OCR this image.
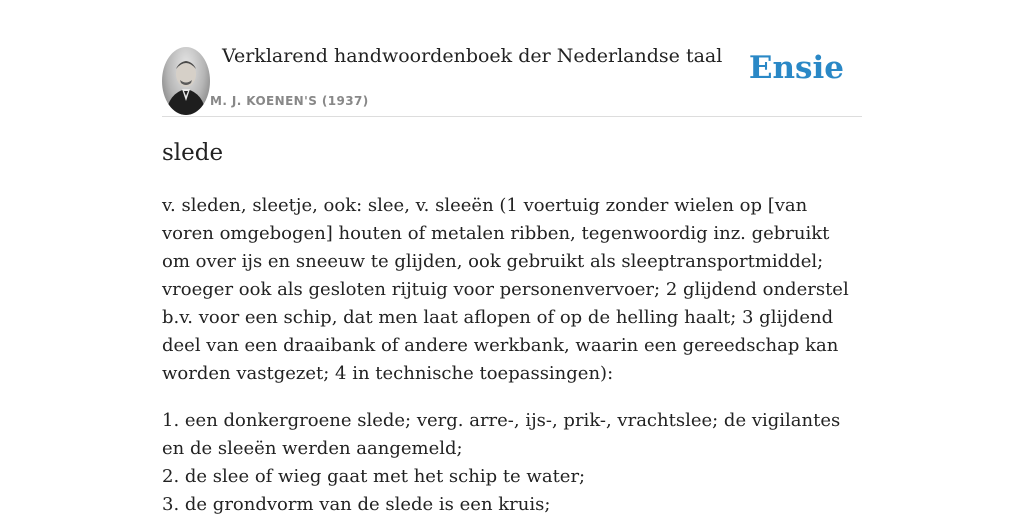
Verklarend handwoordenboek der Nederlandse taal
M. J. KOENEN'S (1937)
Ensie
slede

v. sleden, sleetje, ook: slee, v. sleeën (1 voertuig zonder wielen op [van voren omgebogen] houten of metalen ribben, tegenwoordig inz. gebruikt om over ijs en sneeuw te glijden, ook gebruikt als sleeptransportmiddel; vroeger ook als gesloten rijtuig voor personenvervoer; 2 glijdend onderstel b.v. voor een schip, dat men laat aflopen of op de helling haalt; 3 glijdend deel van een draaibank of andere werkbank, waarin een gereedschap kan worden vastgezet; 4 in technische toepassingen):

1. een donkergroene slede; verg. arre-, ijs-, prik-, vrachtslee; de vigilantes en de sleeën werden aangemeld;
2. de slee of wieg gaat met het schip te water;
3. de grondvorm van de slede is een kruis;
